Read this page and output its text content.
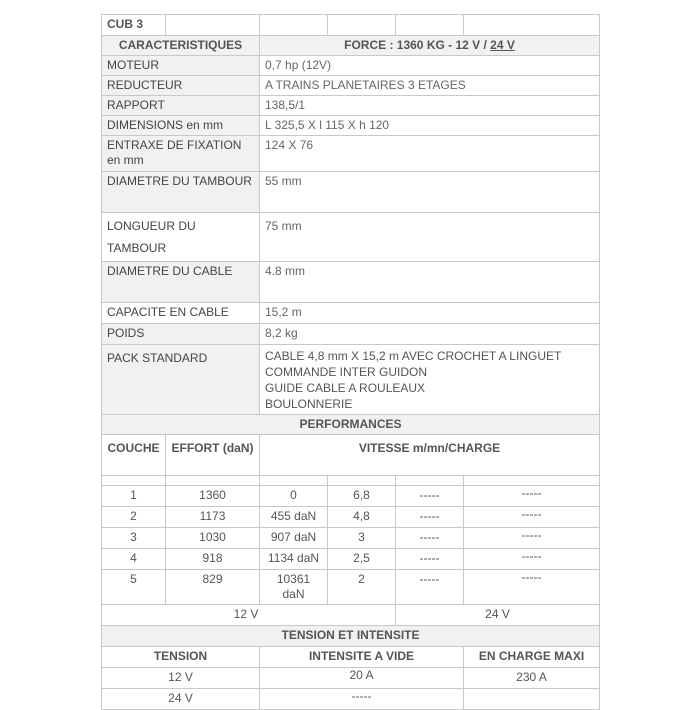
CUB 3					
CARACTERISTIQUES		FORCE : 1360 KG - 12 V / 24 V			
MOTEUR		0,7 hp (12V)			
REDUCTEUR		A TRAINS PLANETAIRES 3 ETAGES			
RAPPORT		138,5/1			
DIMENSIONS en mm		L 325,5 X l 115 X h 120			
ENTRAXE DE FIXATION en mm		124 X 76			
DIAMETRE DU TAMBOUR		55 mm			
LONGUEUR DU TAMBOUR		75 mm			
DIAMETRE DU CABLE		4.8 mm			
CAPACITE EN CABLE		15,2 m			
POIDS		8,2 kg			
PACK STANDARD		CABLE 4,8 mm X 15,2 m AVEC CROCHET A LINGUET
COMMANDE INTER GUIDON
GUIDE CABLE A ROULEAUX
BOULONNERIE			

PERFORMANCES					
COUCHE	EFFORT (daN)	VITESSE m/mn/CHARGE			

1	1360	0	6,8	-----	-----
2	1173	455 daN	4,8	-----	-----
3	1030	907 daN	3	-----	-----
4	918	1134 daN	2,5	-----	-----
5	829	10361 daN	2	-----	-----
12 V				24 V	
TENSION ET INTENSITE					
TENSION		INTENSITE A VIDE			EN CHARGE MAXI
12 V		20 A			230 A
24 V		-----			
